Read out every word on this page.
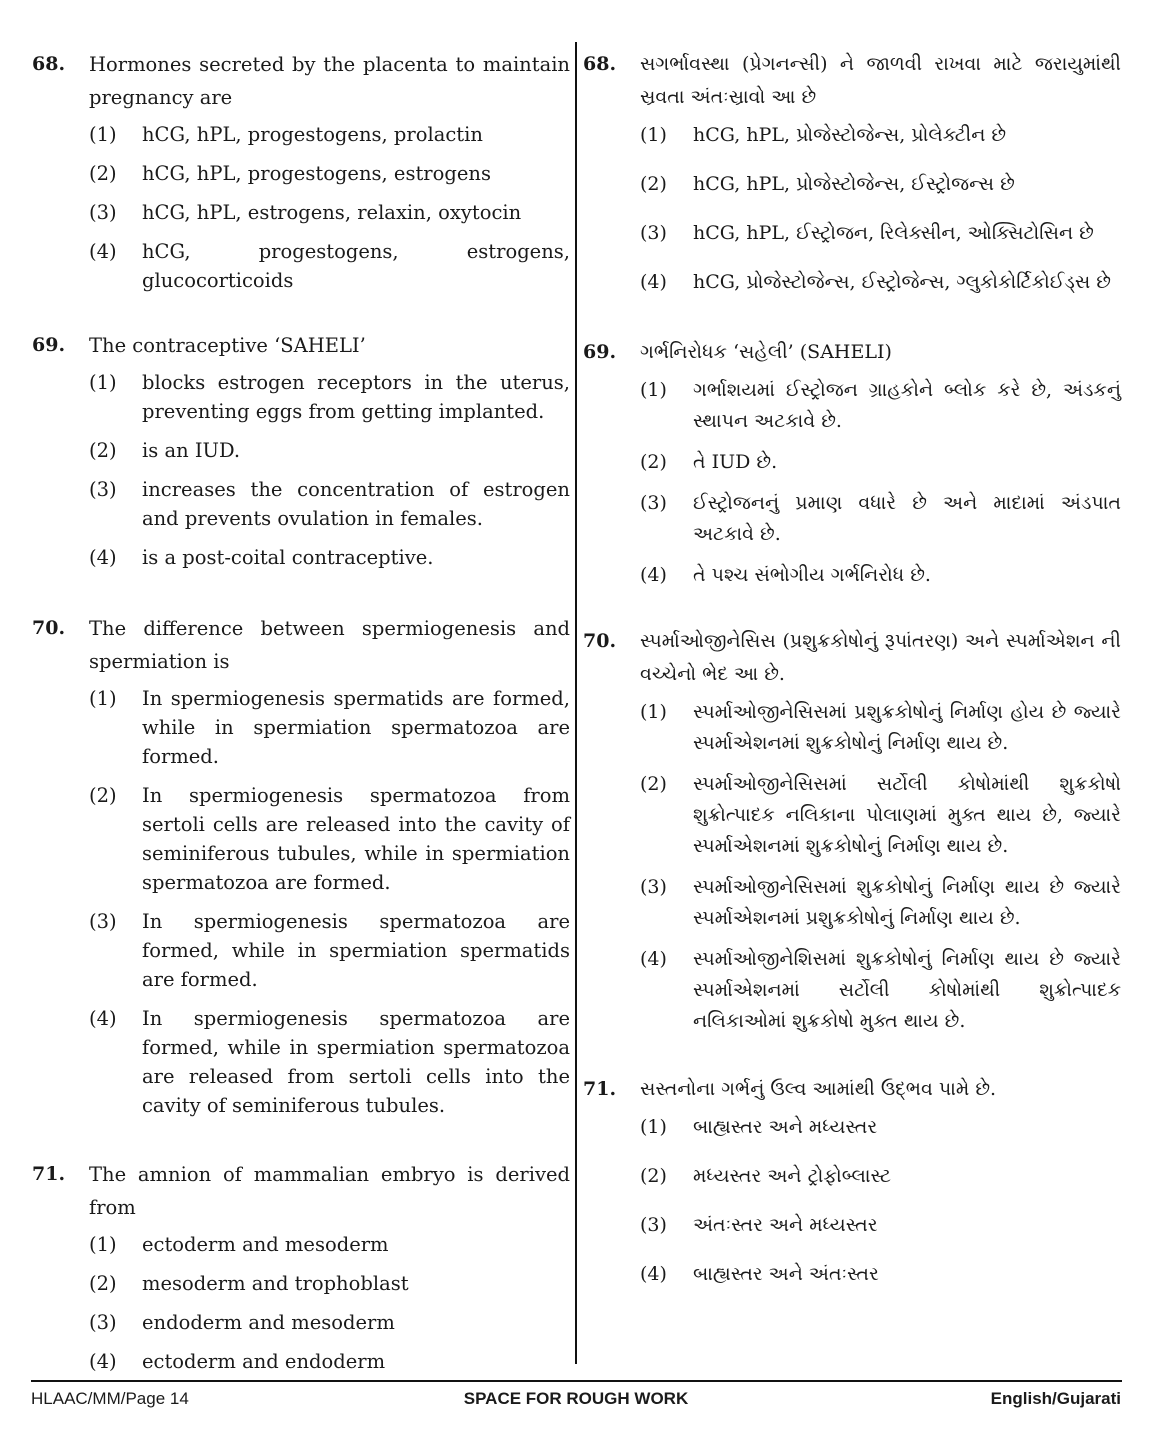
68. Hormones secreted by the placenta to maintain pregnancy are
(1) hCG, hPL, progestogens, prolactin
(2) hCG, hPL, progestogens, estrogens
(3) hCG, hPL, estrogens, relaxin, oxytocin
(4) hCG, progestogens, estrogens, glucocorticoids
69. The contraceptive ‘SAHELI’
(1) blocks estrogen receptors in the uterus, preventing eggs from getting implanted.
(2) is an IUD.
(3) increases the concentration of estrogen and prevents ovulation in females.
(4) is a post-coital contraceptive.
70. The difference between spermiogenesis and spermiation is
(1) In spermiogenesis spermatids are formed, while in spermiation spermatozoa are formed.
(2) In spermiogenesis spermatozoa from sertoli cells are released into the cavity of seminiferous tubules, while in spermiation spermatozoa are formed.
(3) In spermiogenesis spermatozoa are formed, while in spermiation spermatids are formed.
(4) In spermiogenesis spermatozoa are formed, while in spermiation spermatozoa are released from sertoli cells into the cavity of seminiferous tubules.
71. The amnion of mammalian embryo is derived from
(1) ectoderm and mesoderm
(2) mesoderm and trophoblast
(3) endoderm and mesoderm
(4) ectoderm and endoderm
68. સગર્ભાવસ્થા (પ્રેગનન્સી) ને જાળવી રાખવા માટે જરાયુમાંથી સ્રવતા અંતઃસ્રાવો આ છે
(1) hCG, hPL, પ્રોજેસ્ટોજેન્સ, પ્રોલેક્ટીન છે
(2) hCG, hPL, પ્રોજેસ્ટોજેન્સ, ઈસ્ટ્રોજન્સ છે
(3) hCG, hPL, ઈસ્ટ્રોજન, રિલેક્સીન, ઓક્સિટોસિન છે
(4) hCG, પ્રોજેસ્ટોજેન્સ, ઈસ્ટ્રોજેન્સ, ગ્લુકોકોર્ટિકોઈડ્સ છે
69. ગર્ભનિરોધક ‘સહેલી’ (SAHELI)
(1) ગર્ભાશયમાં ઈસ્ટ્રોજન ગ્રાહકોને બ્લોક કરે છે, અંડકનું સ્થાપન અટકાવે છે.
(2) તે IUD છે.
(3) ઈસ્ટ્રોજનનું પ્રમાણ વધારે છે અને માદામાં અંડપાત અટકાવે છે.
(4) તે પશ્ચ સંભોગીય ગર્ભનિરોધ છે.
70. સ્પર્માઓજીનેસિસ (પ્રશુક્રકોષોનું રૂપાંતરણ) અને સ્પર્માએશન ની વચ્ચેનો ભેદ આ છે.
(1) સ્પર્માઓજીનેસિસમાં પ્રશુક્રકોષોનું નિર્માણ હોય છે જ્યારે સ્પર્માએશનમાં શુક્રકોષોનું નિર્માણ થાય છે.
(2) સ્પર્માઓજીનેસિસમાં સર્ટોલી કોષોમાંથી શુક્રકોષો શુક્રોત્પાદક નલિકાના પોલાણમાં મુક્ત થાય છે, જ્યારે સ્પર્માએશનમાં શુક્રકોષોનું નિર્માણ થાય છે.
(3) સ્પર્માઓજીનેસિસમાં શુક્રકોષોનું નિર્માણ થાય છે જ્યારે સ્પર્માએશનમાં પ્રશુક્રકોષોનું નિર્માણ થાય છે.
(4) સ્પર્માઓજીનેશિસમાં શુક્રકોષોનું નિર્માણ થાય છે જ્યારે સ્પર્માએશનમાં સર્ટોલી કોષોમાંથી શુક્રોત્પાદક નલિકાઓમાં શુક્રકોષો મુક્ત થાય છે.
71. સસ્તનોના ગર્ભનું ઉલ્વ આમાંથી ઉદ્‌ભવ પામે છે.
(1) બાહ્યસ્તર અને મધ્યસ્તર
(2) મધ્યસ્તર અને ટ્રોફોબ્લાસ્ટ
(3) અંતઃસ્તર અને મધ્યસ્તર
(4) બાહ્યસ્તર અને અંતઃસ્તર
HLAAC/MM/Page 14	SPACE FOR ROUGH WORK	English/Gujarati
